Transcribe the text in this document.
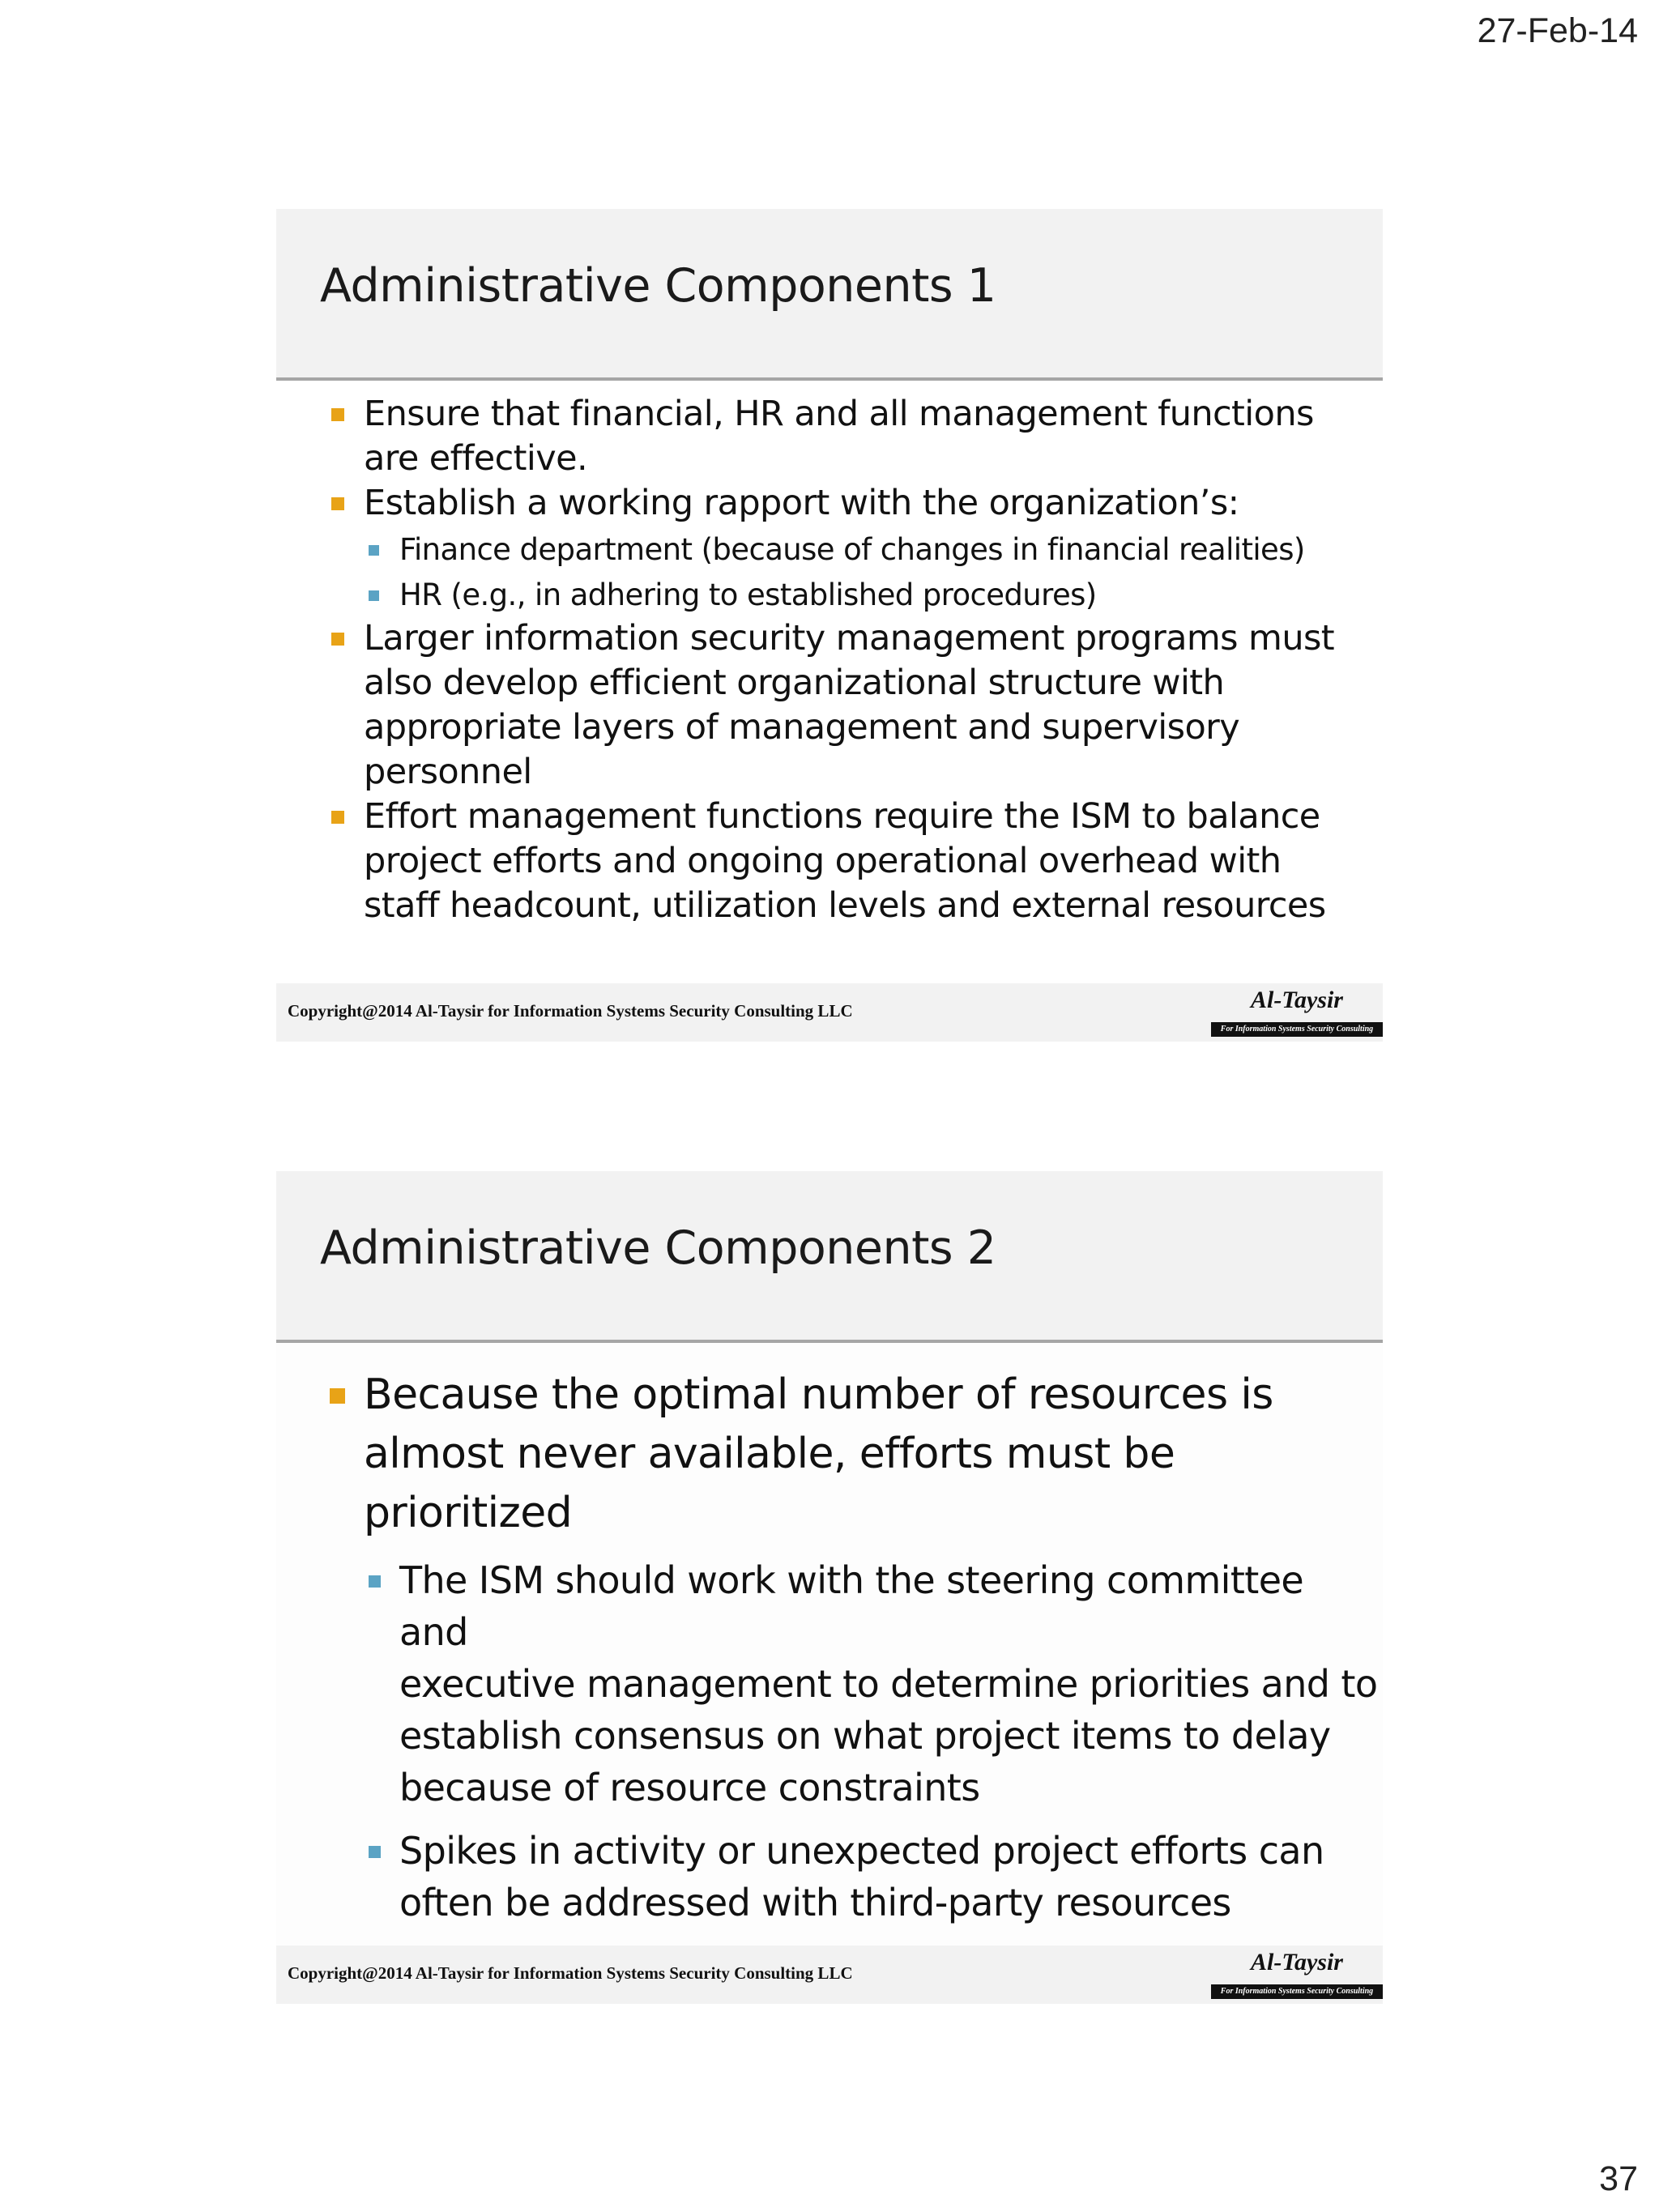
27-Feb-14
Administrative Components 1
Ensure that financial, HR and all management functions
are effective.
Establish a working rapport with the organization’s:
Finance department (because of changes in financial realities)
HR (e.g., in adhering to established procedures)
Larger information security management programs must
also develop efficient organizational structure with
appropriate layers of management and supervisory
personnel
Effort management functions require the ISM to balance
project efforts and ongoing operational overhead with
staff headcount, utilization levels and external resources
Copyright@2014 Al-Taysir for Information Systems Security Consulting LLC	Al-Taysir
For Information Systems Security Consulting
Administrative Components 2
Because the optimal number of resources is
almost never available, efforts must be
prioritized
The ISM should work with the steering committee and
executive management to determine priorities and to
establish consensus on what project items to delay
because of resource constraints
Spikes in activity or unexpected project efforts can
often be addressed with third-party resources
Copyright@2014 Al-Taysir for Information Systems Security Consulting LLC	Al-Taysir
For Information Systems Security Consulting
37
